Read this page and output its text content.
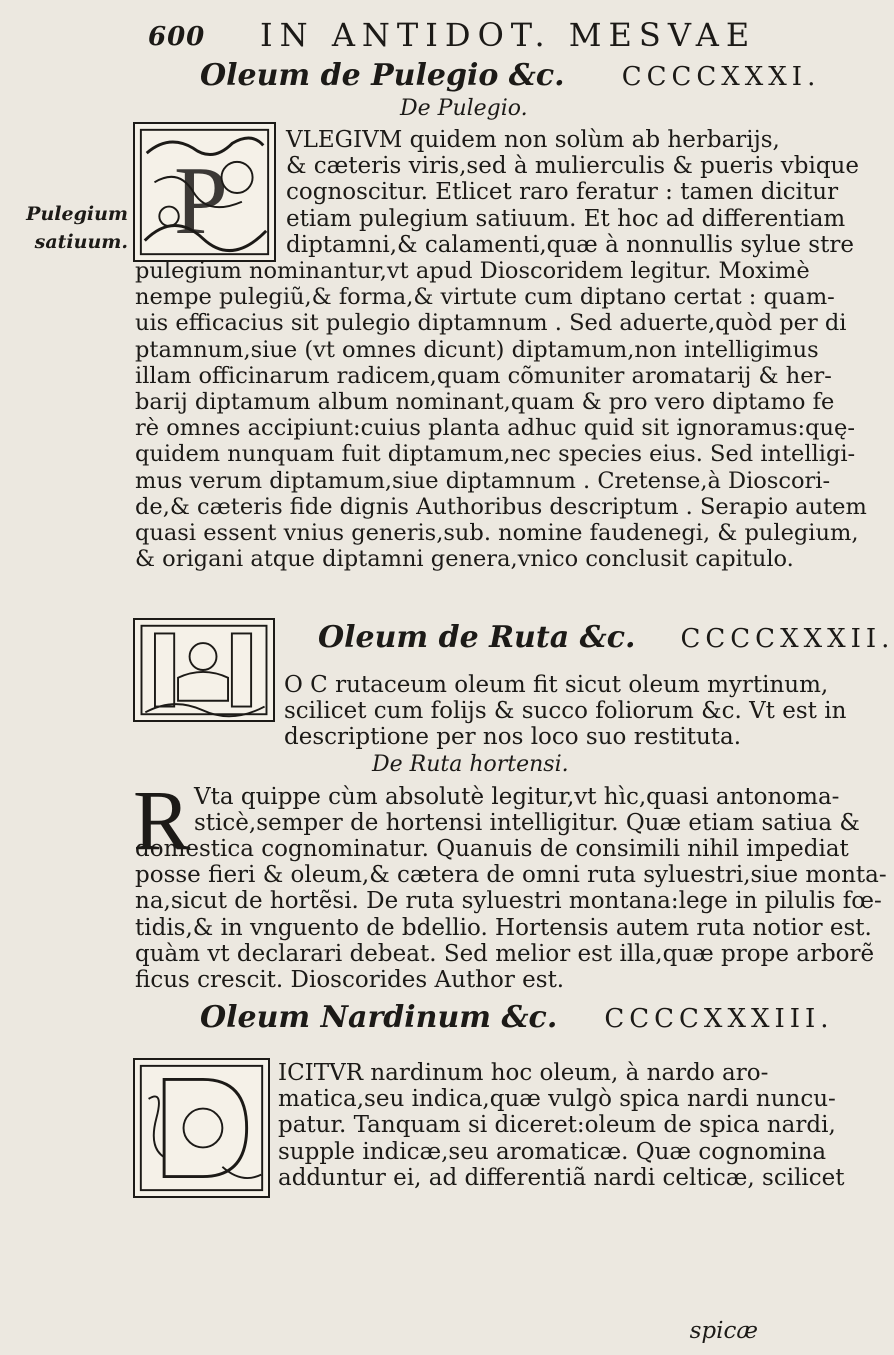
600 IN ANTIDOT. MESVAE
Oleum de Pulegio &c. CCCCXXXI.
De Pulegio.
Pulegium satiuum. P
VLEGIVM quidem non solùm ab herbarijs,
& cæteris viris,sed à mulierculis & pueris vbique
cognoscitur. Etlicet raro feratur : tamen dicitur
etiam pulegium satiuum. Et hoc ad differentiam
diptamni,& calamenti,quæ à nonnullis sylue stre
pulegium nominantur,vt apud Dioscoridem legitur. Moximè
nempe pulegiũ,& forma,& virtute cum diptano certat : quam-
uis efficacius sit pulegio diptamnum . Sed aduerte,quòd per di
ptamnum,siue (vt omnes dicunt) diptamum,non intelligimus
illam officinarum radicem,quam cõmuniter aromatarij & her-
barij diptamum album nominant,quam & pro vero diptamo fe
rè omnes accipiunt:cuius planta adhuc quid sit ignoramus:quę-
quidem nunquam fuit diptamum,nec species eius. Sed intelligi-
mus verum diptamum,siue diptamnum . Cretense,à Dioscori-
de,& cæteris fide dignis Authoribus descriptum . Serapio autem
quasi essent vnius generis,sub. nomine faudenegi, & pulegium,
& origani atque diptamni genera,vnico conclusit capitulo.
Oleum de Ruta &c. CCCCXXXII.
O C rutaceum oleum fit sicut oleum myrtinum,
scilicet cum folijs & succo foliorum &c. Vt est in
descriptione per nos loco suo restituta.
De Ruta hortensi.
R Vta quippe cùm absolutè legitur,vt hìc,quasi antonoma-
sticè,semper de hortensi intelligitur. Quæ etiam satiua &
domestica cognominatur. Quanuis de consimili nihil impediat
posse fieri & oleum,& cætera de omni ruta syluestri,siue monta-
na,sicut de hortẽsi. De ruta syluestri montana:lege in pilulis fœ-
tidis,& in vnguento de bdellio. Hortensis autem ruta notior est.
quàm vt declarari debeat. Sed melior est illa,quæ prope arborẽ
ficus crescit. Dioscorides Author est.
Oleum Nardinum &c. CCCCXXXIII.
ICITVR nardinum hoc oleum, à nardo aro-
matica,seu indica,quæ vulgò spica nardi nuncu-
patur. Tanquam si diceret:oleum de spica nardi,
supple indicæ,seu aromaticæ. Quæ cognomina
adduntur ei, ad differentiã nardi celticæ, scilicet
spicæ
